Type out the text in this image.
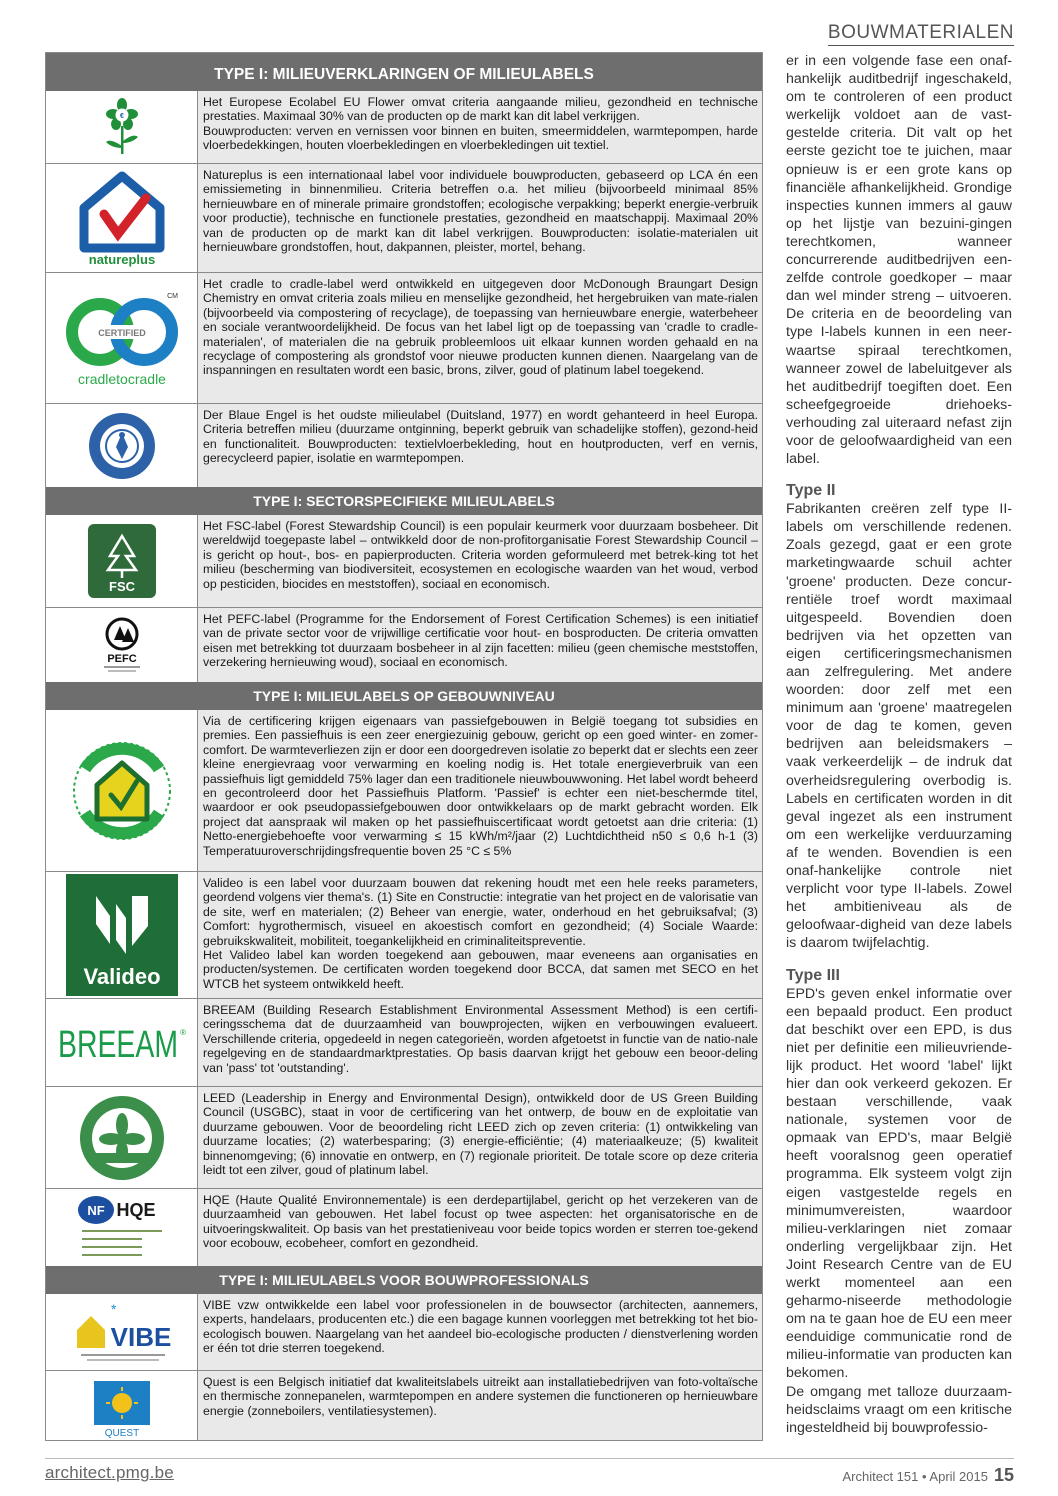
BOUWMATERIALEN
TYPE I: MILIEUVERKLARINGEN OF MILIEULABELS
€

Het Europese Ecolabel EU Flower omvat criteria aangaande milieu, gezondheid en technische prestaties. Maximaal 30% van de producten op de markt kan dit label verkrijgen.

Bouwproducten: verven en vernissen voor binnen en buiten, smeermiddelen, warmtepompen, harde vloerbedekkingen, houten vloerbekledingen en vloerbekledingen uit textiel.

natureplus

Natureplus is een internationaal label voor individuele bouwproducten, gebaseerd op LCA én een emissiemeting in binnenmilieu. Criteria betreffen o.a. het milieu (bijvoorbeeld minimaal 85% hernieuwbare en of minerale primaire grondstoffen; ecologische verpakking; beperkt energie-verbruik voor productie), technische en functionele prestaties, gezondheid en maatschappij. Maximaal 20% van de producten op de markt kan dit label verkrijgen. Bouwproducten: isolatie-materialen uit hernieuwbare grondstoffen, hout, dakpannen, pleister, mortel, behang.

CERTIFIED
CM
cradletocradle

Het cradle to cradle-label werd ontwikkeld en uitgegeven door McDonough Braungart Design Chemistry en omvat criteria zoals milieu en menselijke gezondheid, het hergebruiken van mate-rialen (bijvoorbeeld via compostering of recyclage), de toepassing van hernieuwbare energie, waterbeheer en sociale verantwoordelijkheid. De focus van het label ligt op de toepassing van 'cradle to cradle-materialen', of materialen die na gebruik probleemloos uit elkaar kunnen worden gehaald en na recyclage of compostering als grondstof voor nieuwe producten kunnen dienen. Naargelang van de inspanningen en resultaten wordt een basic, brons, zilver, goud of platinum label toegekend.

Der Blaue Engel is het oudste milieulabel (Duitsland, 1977) en wordt gehanteerd in heel Europa. Criteria betreffen milieu (duurzame ontginning, beperkt gebruik van schadelijke stoffen), gezond-heid en functionaliteit. Bouwproducten: textielvloerbekleding, hout en houtproducten, verf en vernis, gerecycleerd papier, isolatie en warmtepompen.

TYPE I: SECTORSPECIFIEKE MILIEULABELS
FSC

Het FSC-label (Forest Stewardship Council) is een populair keurmerk voor duurzaam bosbeheer. Dit wereldwijd toegepaste label – ontwikkeld door de non-profitorganisatie Forest Stewardship Council – is gericht op hout-, bos- en papierproducten. Criteria worden geformuleerd met betrek-king tot het milieu (bescherming van biodiversiteit, ecosystemen en ecologische waarden van het woud, verbod op pesticiden, biocides en meststoffen), sociaal en economisch.

PEFC

Het PEFC-label (Programme for the Endorsement of Forest Certification Schemes) is een initiatief van de private sector voor de vrijwillige certificatie voor hout- en bosproducten. De criteria omvatten eisen met betrekking tot duurzaam bosbeheer in al zijn facetten: milieu (geen chemische meststoffen, verzekering hernieuwing woud), sociaal en economisch.

TYPE I: MILIEULABELS OP GEBOUWNIVEAU

Via de certificering krijgen eigenaars van passiefgebouwen in België toegang tot subsidies en premies. Een passiefhuis is een zeer energiezuinig gebouw, gericht op een goed winter- en zomer-comfort. De warmteverliezen zijn er door een doorgedreven isolatie zo beperkt dat er slechts een zeer kleine energievraag voor verwarming en koeling nodig is. Het totale energieverbruik van een passiefhuis ligt gemiddeld 75% lager dan een traditionele nieuwbouwwoning. Het label wordt beheerd en gecontroleerd door het Passiefhuis Platform. 'Passief' is echter een niet-beschermde titel, waardoor er ook pseudopassiefgebouwen door ontwikkelaars op de markt gebracht worden. Elk project dat aanspraak wil maken op het passiefhuiscertificaat wordt getoetst aan drie criteria: (1) Netto-energiebehoefte voor verwarming ≤ 15 kWh/m²/jaar (2) Luchtdichtheid n50 ≤ 0,6 h-1 (3) Temperatuuroverschrijdingsfrequentie boven 25 °C ≤ 5%

Valideo

Valideo is een label voor duurzaam bouwen dat rekening houdt met een hele reeks parameters, geordend volgens vier thema's. (1) Site en Constructie: integratie van het project en de valorisatie van de site, werf en materialen; (2) Beheer van energie, water, onderhoud en het gebruiksafval; (3) Comfort: hygrothermisch, visueel en akoestisch comfort en gezondheid; (4) Sociale Waarde: gebruikskwaliteit, mobiliteit, toegankelijkheid en criminaliteitspreventie.

Het Valideo label kan worden toegekend aan gebouwen, maar eveneens aan organisaties en producten/systemen. De certificaten worden toegekend door BCCA, dat samen met SECO en het WTCB het systeem ontwikkeld heeft.

BREEAM ®

BREEAM (Building Research Establishment Environmental Assessment Method) is een certifi-ceringsschema dat de duurzaamheid van bouwprojecten, wijken en verbouwingen evalueert. Verschillende criteria, opgedeeld in negen categorieën, worden afgetoetst in functie van de natio-nale regelgeving en de standaardmarktprestaties. Op basis daarvan krijgt het gebouw een beoor-deling van 'pass' tot 'outstanding'.

LEED (Leadership in Energy and Environmental Design), ontwikkeld door de US Green Building Council (USGBC), staat in voor de certificering van het ontwerp, de bouw en de exploitatie van duurzame gebouwen. Voor de beoordeling richt LEED zich op zeven criteria: (1) ontwikkeling van duurzame locaties; (2) waterbesparing; (3) energie-efficiëntie; (4) materiaalkeuze; (5) kwaliteit binnenomgeving; (6) innovatie en ontwerp, en (7) regionale prioriteit. De totale score op deze criteria leidt tot een zilver, goud of platinum label.

NF HQE	HQE (Haute Qualité Environnementale) is een derdepartijlabel, gericht op het verzekeren van de duurzaamheid van gebouwen. Het label focust op twee aspecten: het organisatorische en de uitvoeringskwaliteit. Op basis van het prestatieniveau voor beide topics worden er sterren toe-gekend voor ecobouw, ecobeheer, comfort en gezondheid.

TYPE I: MILIEULABELS VOOR BOUWPROFESSIONALS
VIBE
*	VIBE vzw ontwikkelde een label voor professionelen in de bouwsector (architecten, aannemers, experts, handelaars, producenten etc.) die een bagage kunnen voorleggen met betrekking tot het bio-ecologisch bouwen. Naargelang van het aandeel bio-ecologische producten / dienstverlening worden er één tot drie sterren toegekend.

QUEST

Quest is een Belgisch initiatief dat kwaliteitslabels uitreikt aan installatiebedrijven van foto-voltaïsche en thermische zonnepanelen, warmtepompen en andere systemen die functioneren op hernieuwbare energie (zonneboilers, ventilatiesystemen).

er in een volgende fase een onaf-hankelijk auditbedrijf ingeschakeld, om te controleren of een product werkelijk voldoet aan de vast-gestelde criteria. Dit valt op het eerste gezicht toe te juichen, maar opnieuw is er een grote kans op financiële afhankelijkheid. Grondige inspecties kunnen immers al gauw op het lijstje van bezuini-gingen terechtkomen, wanneer concurrerende auditbedrijven een-zelfde controle goedkoper – maar dan wel minder streng – uitvoeren. De criteria en de beoordeling van type I-labels kunnen in een neer-waartse spiraal terechtkomen, wanneer zowel de labeluitgever als het auditbedrijf toegiften doet. Een scheefgegroeide driehoeks-verhouding zal uiteraard nefast zijn voor de geloofwaardigheid van een label.

Type II

Fabrikanten creëren zelf type II-labels om verschillende redenen. Zoals gezegd, gaat er een grote marketingwaarde schuil achter 'groene' producten. Deze concur-rentiële troef wordt maximaal uitgespeeld. Bovendien doen bedrijven via het opzetten van eigen certificeringsmechanismen aan zelfregulering. Met andere woorden: door zelf met een minimum aan 'groene' maatregelen voor de dag te komen, geven bedrijven aan beleidsmakers – vaak verkeerdelijk – de indruk dat overheidsregulering overbodig is. Labels en certificaten worden in dit geval ingezet als een instrument om een werkelijke verduurzaming af te wenden. Bovendien is een onaf-hankelijke controle niet verplicht voor type II-labels. Zowel het ambitieniveau als de geloofwaar-digheid van deze labels is daarom twijfelachtig.

Type III

EPD's geven enkel informatie over een bepaald product. Een product dat beschikt over een EPD, is dus niet per definitie een milieuvriende-lijk product. Het woord 'label' lijkt hier dan ook verkeerd gekozen. Er bestaan verschillende, vaak nationale, systemen voor de opmaak van EPD's, maar België heeft vooralsnog geen operatief programma. Elk systeem volgt zijn eigen vastgestelde regels en minimumvereisten, waardoor milieu-verklaringen niet zomaar onderling vergelijkbaar zijn. Het Joint Research Centre van de EU werkt momenteel aan een geharmo-niseerde methodologie om na te gaan hoe de EU een meer eenduidige communicatie rond de milieu-informatie van producten kan bekomen.

De omgang met talloze duurzaam-heidsclaims vraagt om een kritische ingesteldheid bij bouwprofessio-

architect.pmg.be	Architect 151 • April 2015 15
